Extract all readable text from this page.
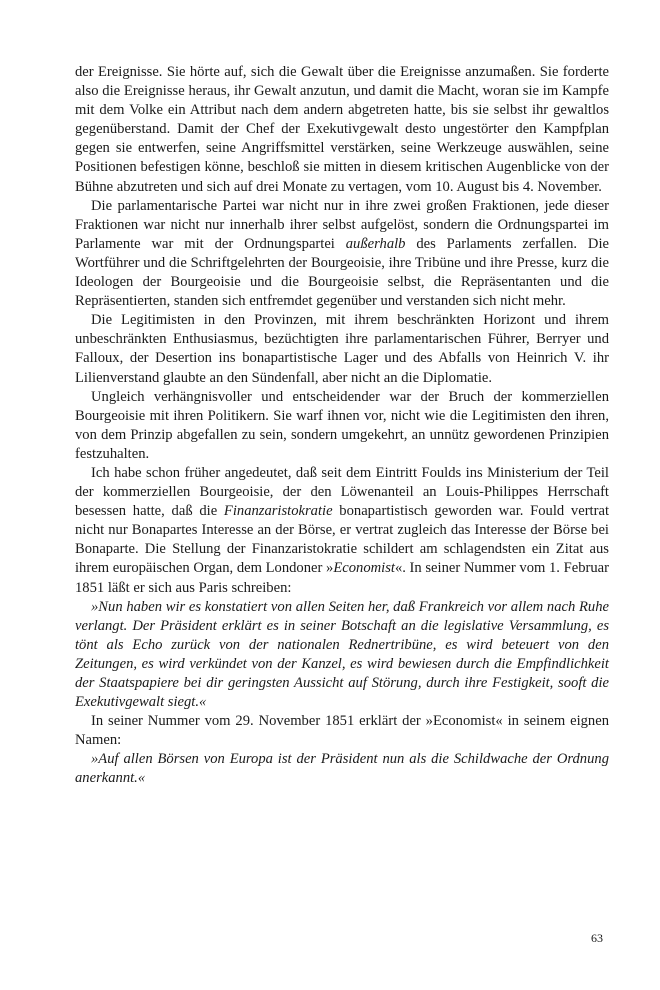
der Ereignisse. Sie hörte auf, sich die Gewalt über die Ereignisse anzumaßen. Sie forderte also die Ereignisse heraus, ihr Gewalt anzutun, und damit die Macht, woran sie im Kampfe mit dem Volke ein Attribut nach dem andern abgetreten hatte, bis sie selbst ihr gewaltlos gegenüberstand. Damit der Chef der Exekutivgewalt desto ungestörter den Kampfplan gegen sie entwerfen, seine Angriffsmittel verstärken, seine Werkzeuge auswählen, seine Positionen befestigen könne, beschloß sie mitten in diesem kritischen Augenblicke von der Bühne abzutreten und sich auf drei Monate zu vertagen, vom 10. August bis 4. November.

Die parlamentarische Partei war nicht nur in ihre zwei großen Fraktionen, jede dieser Fraktionen war nicht nur innerhalb ihrer selbst aufgelöst, sondern die Ordnungspartei im Parlamente war mit der Ordnungspartei außerhalb des Parlaments zerfallen. Die Wortführer und die Schriftgelehrten der Bourgeoisie, ihre Tribüne und ihre Presse, kurz die Ideologen der Bourgeoisie und die Bourgeoisie selbst, die Repräsentanten und die Repräsentierten, standen sich entfremdet gegenüber und verstanden sich nicht mehr.

Die Legitimisten in den Provinzen, mit ihrem beschränkten Horizont und ihrem unbeschränkten Enthusiasmus, bezüchtigten ihre parlamentarischen Führer, Berryer und Falloux, der Desertion ins bonapartistische Lager und des Abfalls von Heinrich V. ihr Lilienverstand glaubte an den Sündenfall, aber nicht an die Diplomatie.

Ungleich verhängnisvoller und entscheidender war der Bruch der kommerziellen Bourgeoisie mit ihren Politikern. Sie warf ihnen vor, nicht wie die Legitimisten den ihren, von dem Prinzip abgefallen zu sein, sondern umgekehrt, an unnütz gewordenen Prinzipien festzuhalten.

Ich habe schon früher angedeutet, daß seit dem Eintritt Foulds ins Ministerium der Teil der kommerziellen Bourgeoisie, der den Löwenanteil an Louis-Philippes Herrschaft besessen hatte, daß die Finanzaristokratie bonapartistisch geworden war. Fould vertrat nicht nur Bonapartes Interesse an der Börse, er vertrat zugleich das Interesse der Börse bei Bonaparte. Die Stellung der Finanzaristokratie schildert am schlagendsten ein Zitat aus ihrem europäischen Organ, dem Londoner »Economist«. In seiner Nummer vom 1. Februar 1851 läßt er sich aus Paris schreiben:

»Nun haben wir es konstatiert von allen Seiten her, daß Frankreich vor allem nach Ruhe verlangt. Der Präsident erklärt es in seiner Botschaft an die legislative Versammlung, es tönt als Echo zurück von der nationalen Rednertribüne, es wird beteuert von den Zeitungen, es wird verkündet von der Kanzel, es wird bewiesen durch die Empfindlichkeit der Staatspapiere bei dir geringsten Aussicht auf Störung, durch ihre Festigkeit, sooft die Exekutivgewalt siegt.«

In seiner Nummer vom 29. November 1851 erklärt der »Economist« in seinem eignen Namen:

»Auf allen Börsen von Europa ist der Präsident nun als die Schildwache der Ordnung anerkannt.«

63
